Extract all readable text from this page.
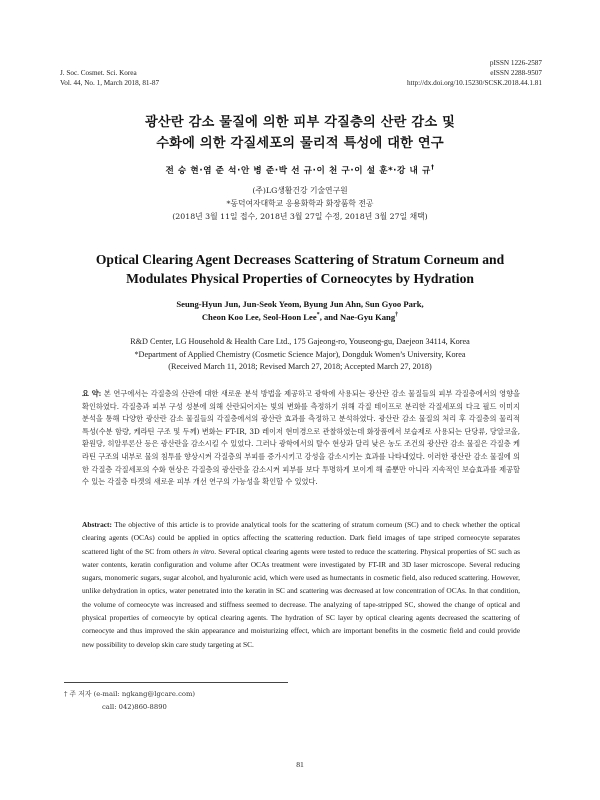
J. Soc. Cosmet. Sci. Korea
Vol. 44, No. 1, March 2018, 81-87
pISSN 1226-2587
eISSN 2288-9507
http://dx.doi.org/10.15230/SCSK.2018.44.1.81
광산란 감소 물질에 의한 피부 각질층의 산란 감소 및
수화에 의한 각질세포의 물리적 특성에 대한 연구
전 승 현·염 준 석·안 병 준·박 선 규·이 천 구·이 설 훈*·강 내 규†
(주)LG생활건강 기술연구원
*동덕여자대학교 응용화학과 화장품학 전공
(2018년 3월 11일 접수, 2018년 3월 27일 수정, 2018년 3월 27일 채택)
Optical Clearing Agent Decreases Scattering of Stratum Corneum and
Modulates Physical Properties of Corneocytes by Hydration
Seung-Hyun Jun, Jun-Seok Yeom, Byung Jun Ahn, Sun Gyoo Park,
Cheon Koo Lee, Seol-Hoon Lee*, and Nae-Gyu Kang†
R&D Center, LG Household & Health Care Ltd., 175 Gajeong-ro, Youseong-gu, Daejeon 34114, Korea
*Department of Applied Chemistry (Cosmetic Science Major), Dongduk Women’s University, Korea
(Received March 11, 2018; Revised March 27, 2018; Accepted March 27, 2018)
요 약: 본 연구에서는 각질층의 산란에 대한 새로운 분석 방법을 제공하고 광학에 사용되는 광산란 감소 물질들의 피부 각질층에서의 영향을 확인하였다. 각질층과 피부 구성 성분에 의해 산란되어지는 빛의 변화를 측정하기 위해 각질 테이프로 분리한 각질세포의 다크 필드 이미지 분석을 통해 다양한 광산란 감소 물질들의 각질층에서의 광산란 효과를 측정하고 분석하였다. 광산란 감소 물질의 처리 후 각질층의 물리적 특성(수분 함량, 케라틴 구조 및 두께) 변화는 FT-IR, 3D 레이저 현미경으로 관찰하였는데 화장품에서 보습제로 사용되는 단당류, 당알코올, 환원당, 히알루론산 등은 광산란을 감소시킬 수 있었다. 그러나 광학에서의 탈수 현상과 달리 낮은 농도 조건의 광산란 감소 물질은 각질층 케라틴 구조의 내부로 물의 침투를 향상시켜 각질층의 부피를 증가시키고 강성을 감소시키는 효과를 나타내었다. 이러한 광산란 감소 물질에 의한 각질층 각질세포의 수화 현상은 각질층의 광산란을 감소시켜 피부를 보다 투명하게 보이게 해 줄뿐만 아니라 지속적인 보습효과를 제공할 수 있는 각질층 타겟의 새로운 피부 개선 연구의 가능성을 확인할 수 있었다.
Abstract: The objective of this article is to provide analytical tools for the scattering of stratum corneum (SC) and to check whether the optical clearing agents (OCAs) could be applied in optics affecting the scattering reduction. Dark field images of tape striped corneocyte separates scattered light of the SC from others in vitro. Several optical clearing agents were tested to reduce the scattering. Physical properties of SC such as water contents, keratin configuration and volume after OCAs treatment were investigated by FT-IR and 3D laser microscope. Several reducing sugars, monomeric sugars, sugar alcohol, and hyaluronic acid, which were used as humectants in cosmetic field, also reduced scattering. However, unlike dehydration in optics, water penetrated into the keratin in SC and scattering was decreased at low concentration of OCAs. In that condition, the volume of corneocyte was increased and stiffness seemed to decrease. The analyzing of tape-stripped SC, showed the change of optical and physical properties of corneocyte by optical clearing agents. The hydration of SC layer by optical clearing agents decreased the scattering of corneocyte and thus improved the skin appearance and moisturizing effect, which are important benefits in the cosmetic field and could provide new possibility to develop skin care study targeting at SC.
† 주 저자 (e-mail: ngkang@lgcare.com)
call: 042)860-8890
81
